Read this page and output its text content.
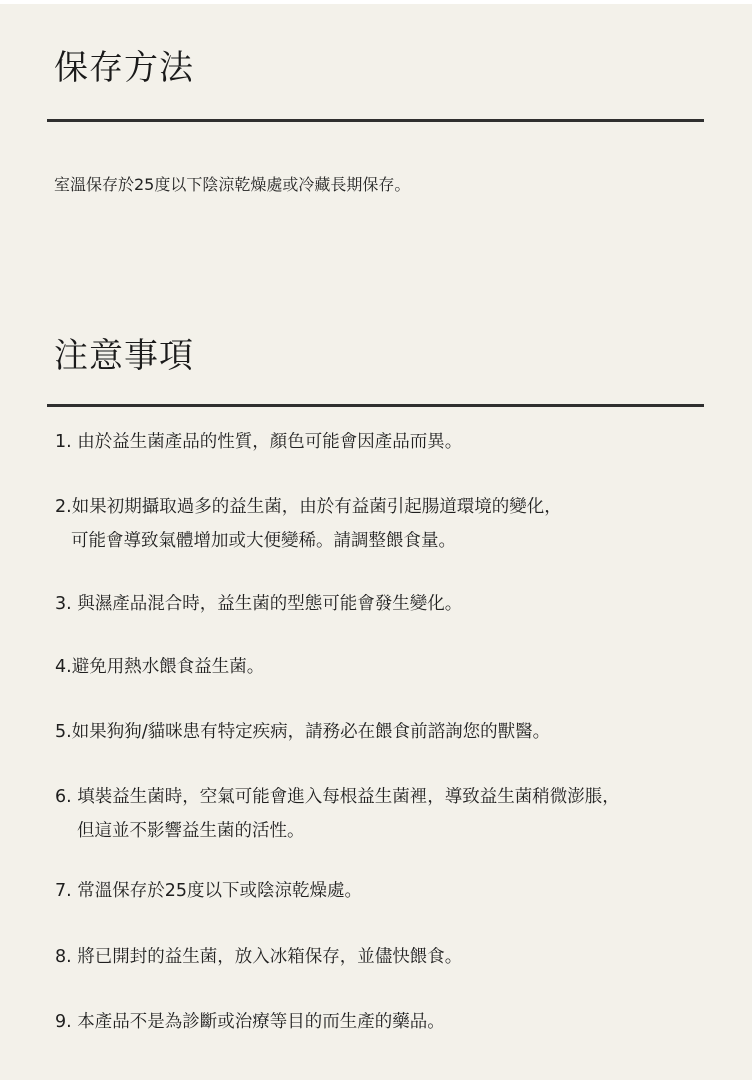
保存方法

室溫保存於25度以下陰涼乾燥處或冷藏長期保存。

注意事項
1. 由於益生菌產品的性質，顏色可能會因產品而異。
2.如果初期攝取過多的益生菌，由於有益菌引起腸道環境的變化，
可能會導致氣體增加或大便變稀。請調整餵食量。
3. 與濕產品混合時，益生菌的型態可能會發生變化。
4.避免用熱水餵食益生菌。
5.如果狗狗/貓咪患有特定疾病，請務必在餵食前諮詢您的獸醫。
6. 填裝益生菌時，空氣可能會進入每根益生菌裡，導致益生菌稍微澎脹，
但這並不影響益生菌的活性。
7. 常溫保存於25度以下或陰涼乾燥處。
8. 將已開封的益生菌，放入冰箱保存，並儘快餵食。
9. 本產品不是為診斷或治療等目的而生產的藥品。
